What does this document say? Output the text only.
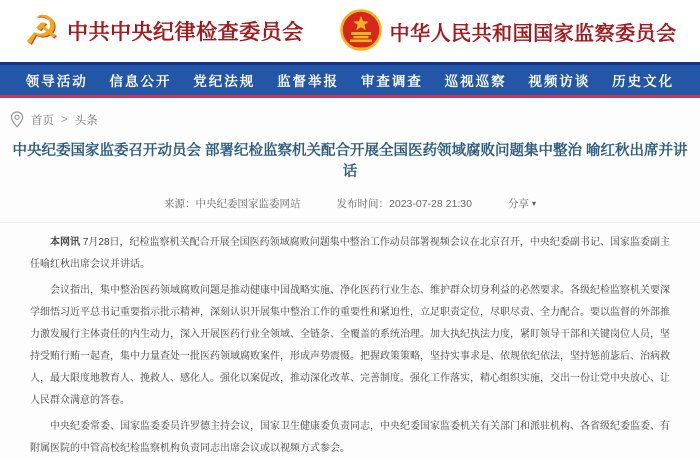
☭ 中共中央纪律检查委员会	中华人民共和国国家监察委员会
领导活动 信息公开 党纪法规 监督举报 审查调查 巡视巡察 视频访谈 历史文化
首页 > 头条
中央纪委国家监委召开动员会 部署纪检监察机关配合开展全国医药领域腐败问题集中整治 喻红秋出席并讲话
来源：中央纪委国家监委网站	发布时间：2023-07-28 21:30	分享 ▾

本网讯 7月28日，纪检监察机关配合开展全国医药领域腐败问题集中整治工作动员部署视频会议在北京召开，中央纪委副书记、国家监委副主任喻红秋出席会议并讲话。

会议指出，集中整治医药领域腐败问题是推动健康中国战略实施、净化医药行业生态、维护群众切身利益的必然要求。各级纪检监察机关要深学细悟习近平总书记重要指示批示精神，深刻认识开展集中整治工作的重要性和紧迫性，立足职责定位，尽职尽责、全力配合。要以监督的外部推力激发履行主体责任的内生动力，深入开展医药行业全领域、全链条、全覆盖的系统治理。加大执纪执法力度，紧盯领导干部和关键岗位人员，坚持受贿行贿一起查，集中力量查处一批医药领域腐败案件，形成声势震慑。把握政策策略，坚持实事求是、依规依纪依法，坚持惩前毖后、治病救人，最大限度地教育人、挽救人、感化人。强化以案促改，推动深化改革、完善制度。强化工作落实，精心组织实施，交出一份让党中央放心、让人民群众满意的答卷。

中央纪委常委、国家监委委员许罗德主持会议，国家卫生健康委负责同志，中央纪委国家监委机关有关部门和派驻机构、各省级纪委监委、有附属医院的中管高校纪检监察机构负责同志出席会议或以视频方式参会。
